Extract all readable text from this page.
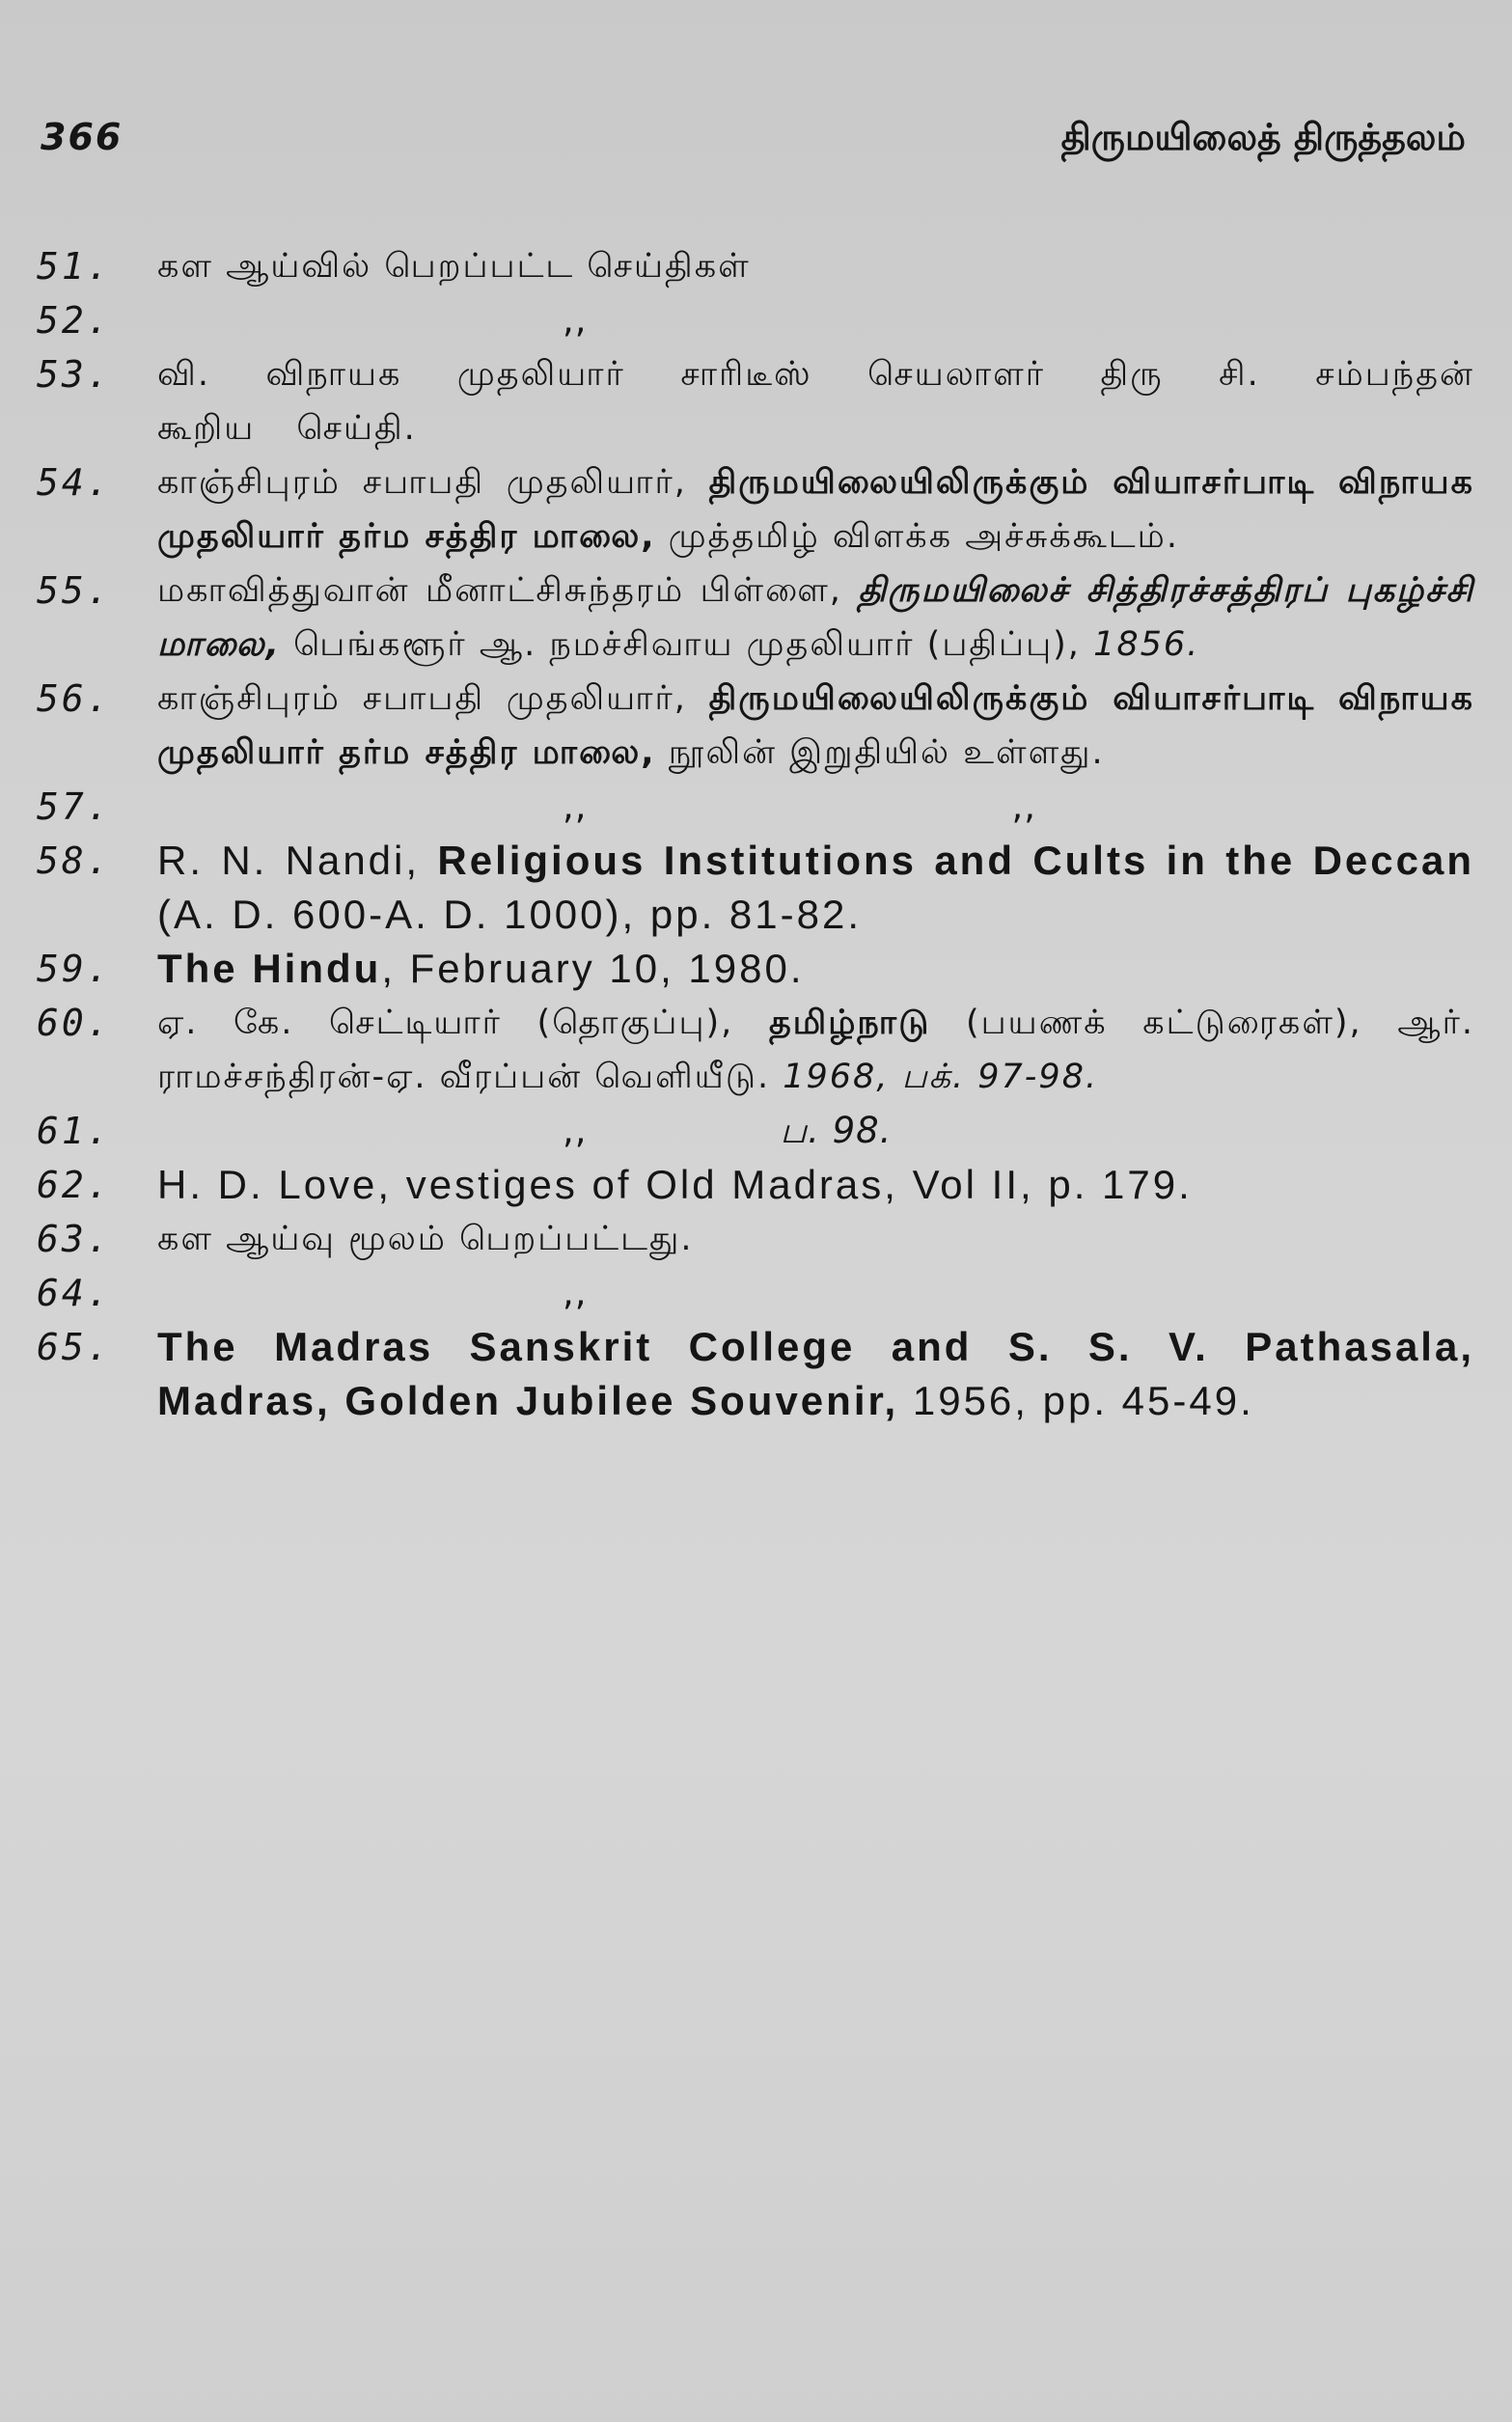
366	திருமயிலைத் திருத்தலம்
51.	கள ஆய்வில் பெறப்பட்ட செய்திகள்
52.	,,
53.	வி. விநாயக முதலியார் சாரிடீஸ் செயலாளர் திரு சி. சம்பந்தன் கூறிய செய்தி.
54.	காஞ்சிபுரம் சபாபதி முதலியார், திருமயிலையிலிருக்கும் வியாசர்பாடி விநாயக முதலியார் தர்ம சத்திர மாலை, முத்தமிழ் விளக்க அச்சுக்கூடம்.
55.	மகாவித்துவான் மீனாட்சிசுந்தரம் பிள்ளை, திருமயிலைச் சித்திரச்சத்திரப் புகழ்ச்சி மாலை, பெங்களூர் ஆ. நமச்சிவாய முதலியார் (பதிப்பு), 1856.
56.	காஞ்சிபுரம் சபாபதி முதலியார், திருமயிலையிலிருக்கும் வியாசர்பாடி விநாயக முதலியார் தர்ம சத்திர மாலை, நூலின் இறுதியில் உள்ளது.
57.	,,	,,
58.	R. N. Nandi, Religious Institutions and Cults in the Deccan (A. D. 600-A. D. 1000), pp. 81-82.
59.	The Hindu, February 10, 1980.
60.	ஏ. கே. செட்டியார் (தொகுப்பு), தமிழ்நாடு (பயணக் கட்டுரைகள்), ஆர். ராமச்சந்திரன்-ஏ. வீரப்பன் வெளியீடு. 1968, பக். 97-98.
61.	,,	ப. 98.
62.	H. D. Love, vestiges of Old Madras, Vol II, p. 179.
63.	கள ஆய்வு மூலம் பெறப்பட்டது.
64.	,,
65.	The Madras Sanskrit College and S. S. V. Pathasala, Madras, Golden Jubilee Souvenir, 1956, pp. 45-49.
